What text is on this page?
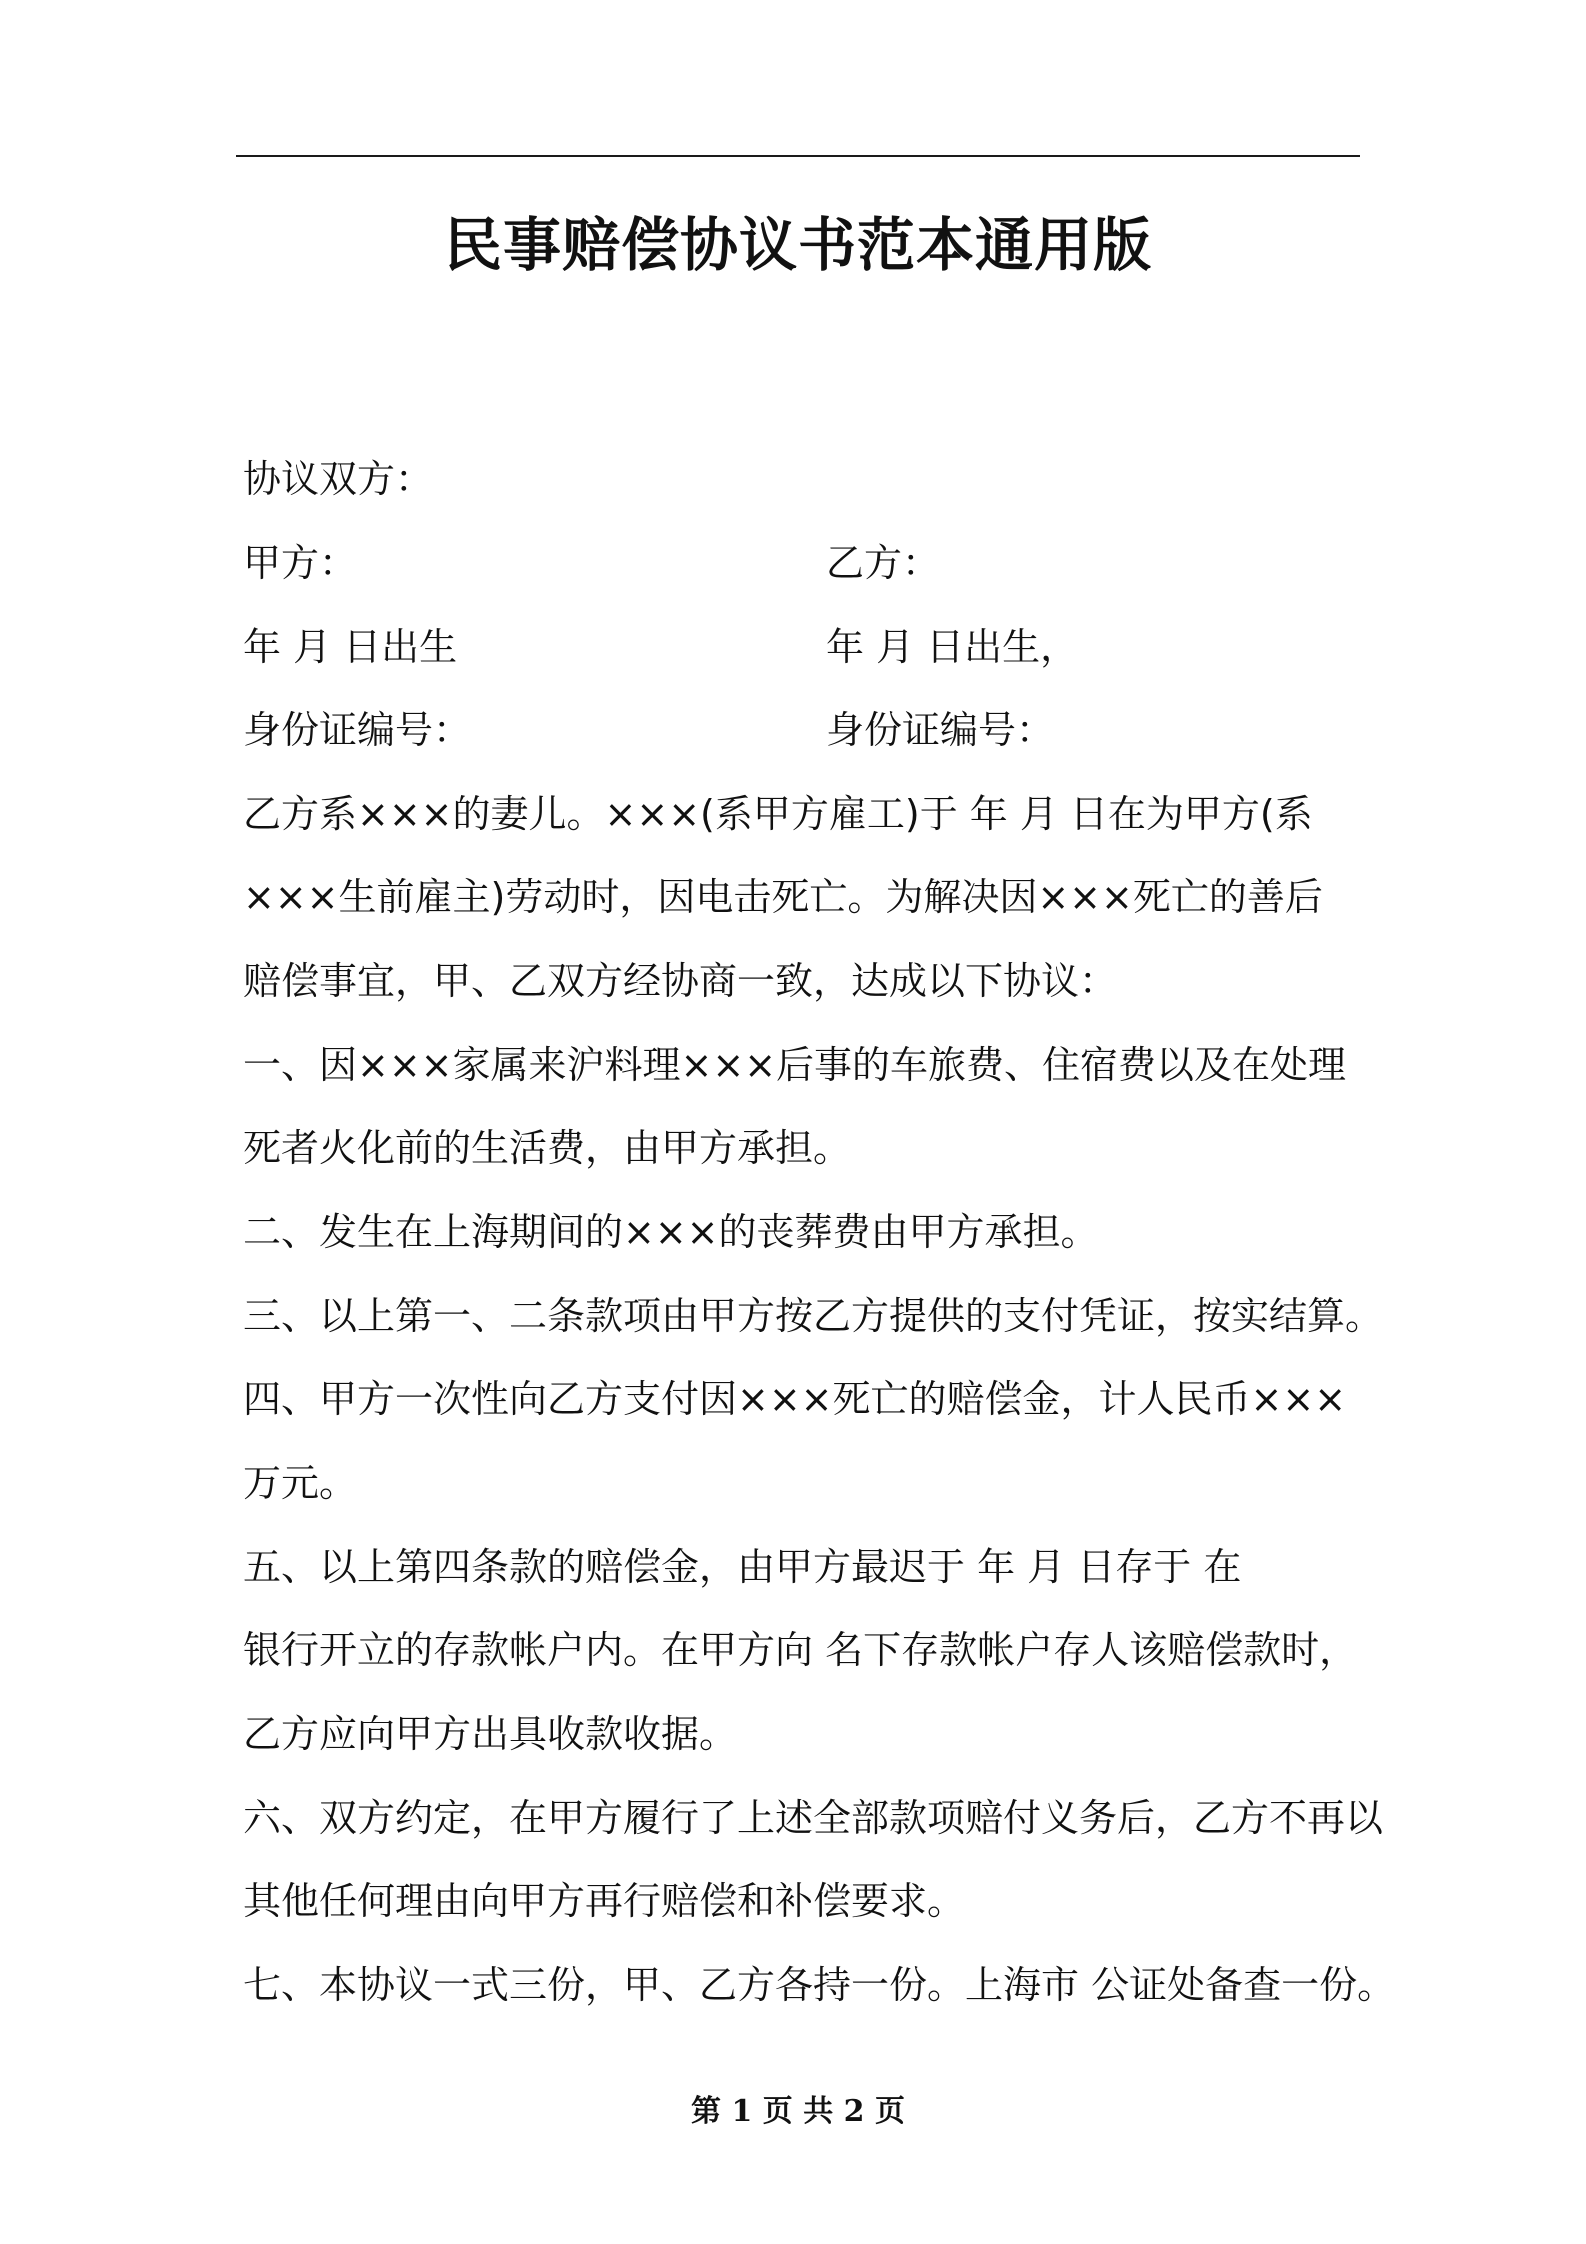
民事赔偿协议书范本通用版
协议双方：
甲方：	乙方：
年 月 日出生	年 月 日出生，
身份证编号：	身份证编号：
乙方系×××的妻儿。×××(系甲方雇工)于 年 月 日在为甲方(系
×××生前雇主)劳动时，因电击死亡。为解决因×××死亡的善后
赔偿事宜，甲、乙双方经协商一致，达成以下协议：
一、因×××家属来沪料理×××后事的车旅费、住宿费以及在处理
死者火化前的生活费，由甲方承担。
二、发生在上海期间的×××的丧葬费由甲方承担。
三、以上第一、二条款项由甲方按乙方提供的支付凭证，按实结算。
四、甲方一次性向乙方支付因×××死亡的赔偿金，计人民币×××
万元。
五、以上第四条款的赔偿金，由甲方最迟于 年 月 日存于 在
银行开立的存款帐户内。在甲方向 名下存款帐户存人该赔偿款时，
乙方应向甲方出具收款收据。
六、双方约定，在甲方履行了上述全部款项赔付义务后，乙方不再以
其他任何理由向甲方再行赔偿和补偿要求。
七、本协议一式三份，甲、乙方各持一份。上海市 公证处备查一份。
第 1 页 共 2 页
